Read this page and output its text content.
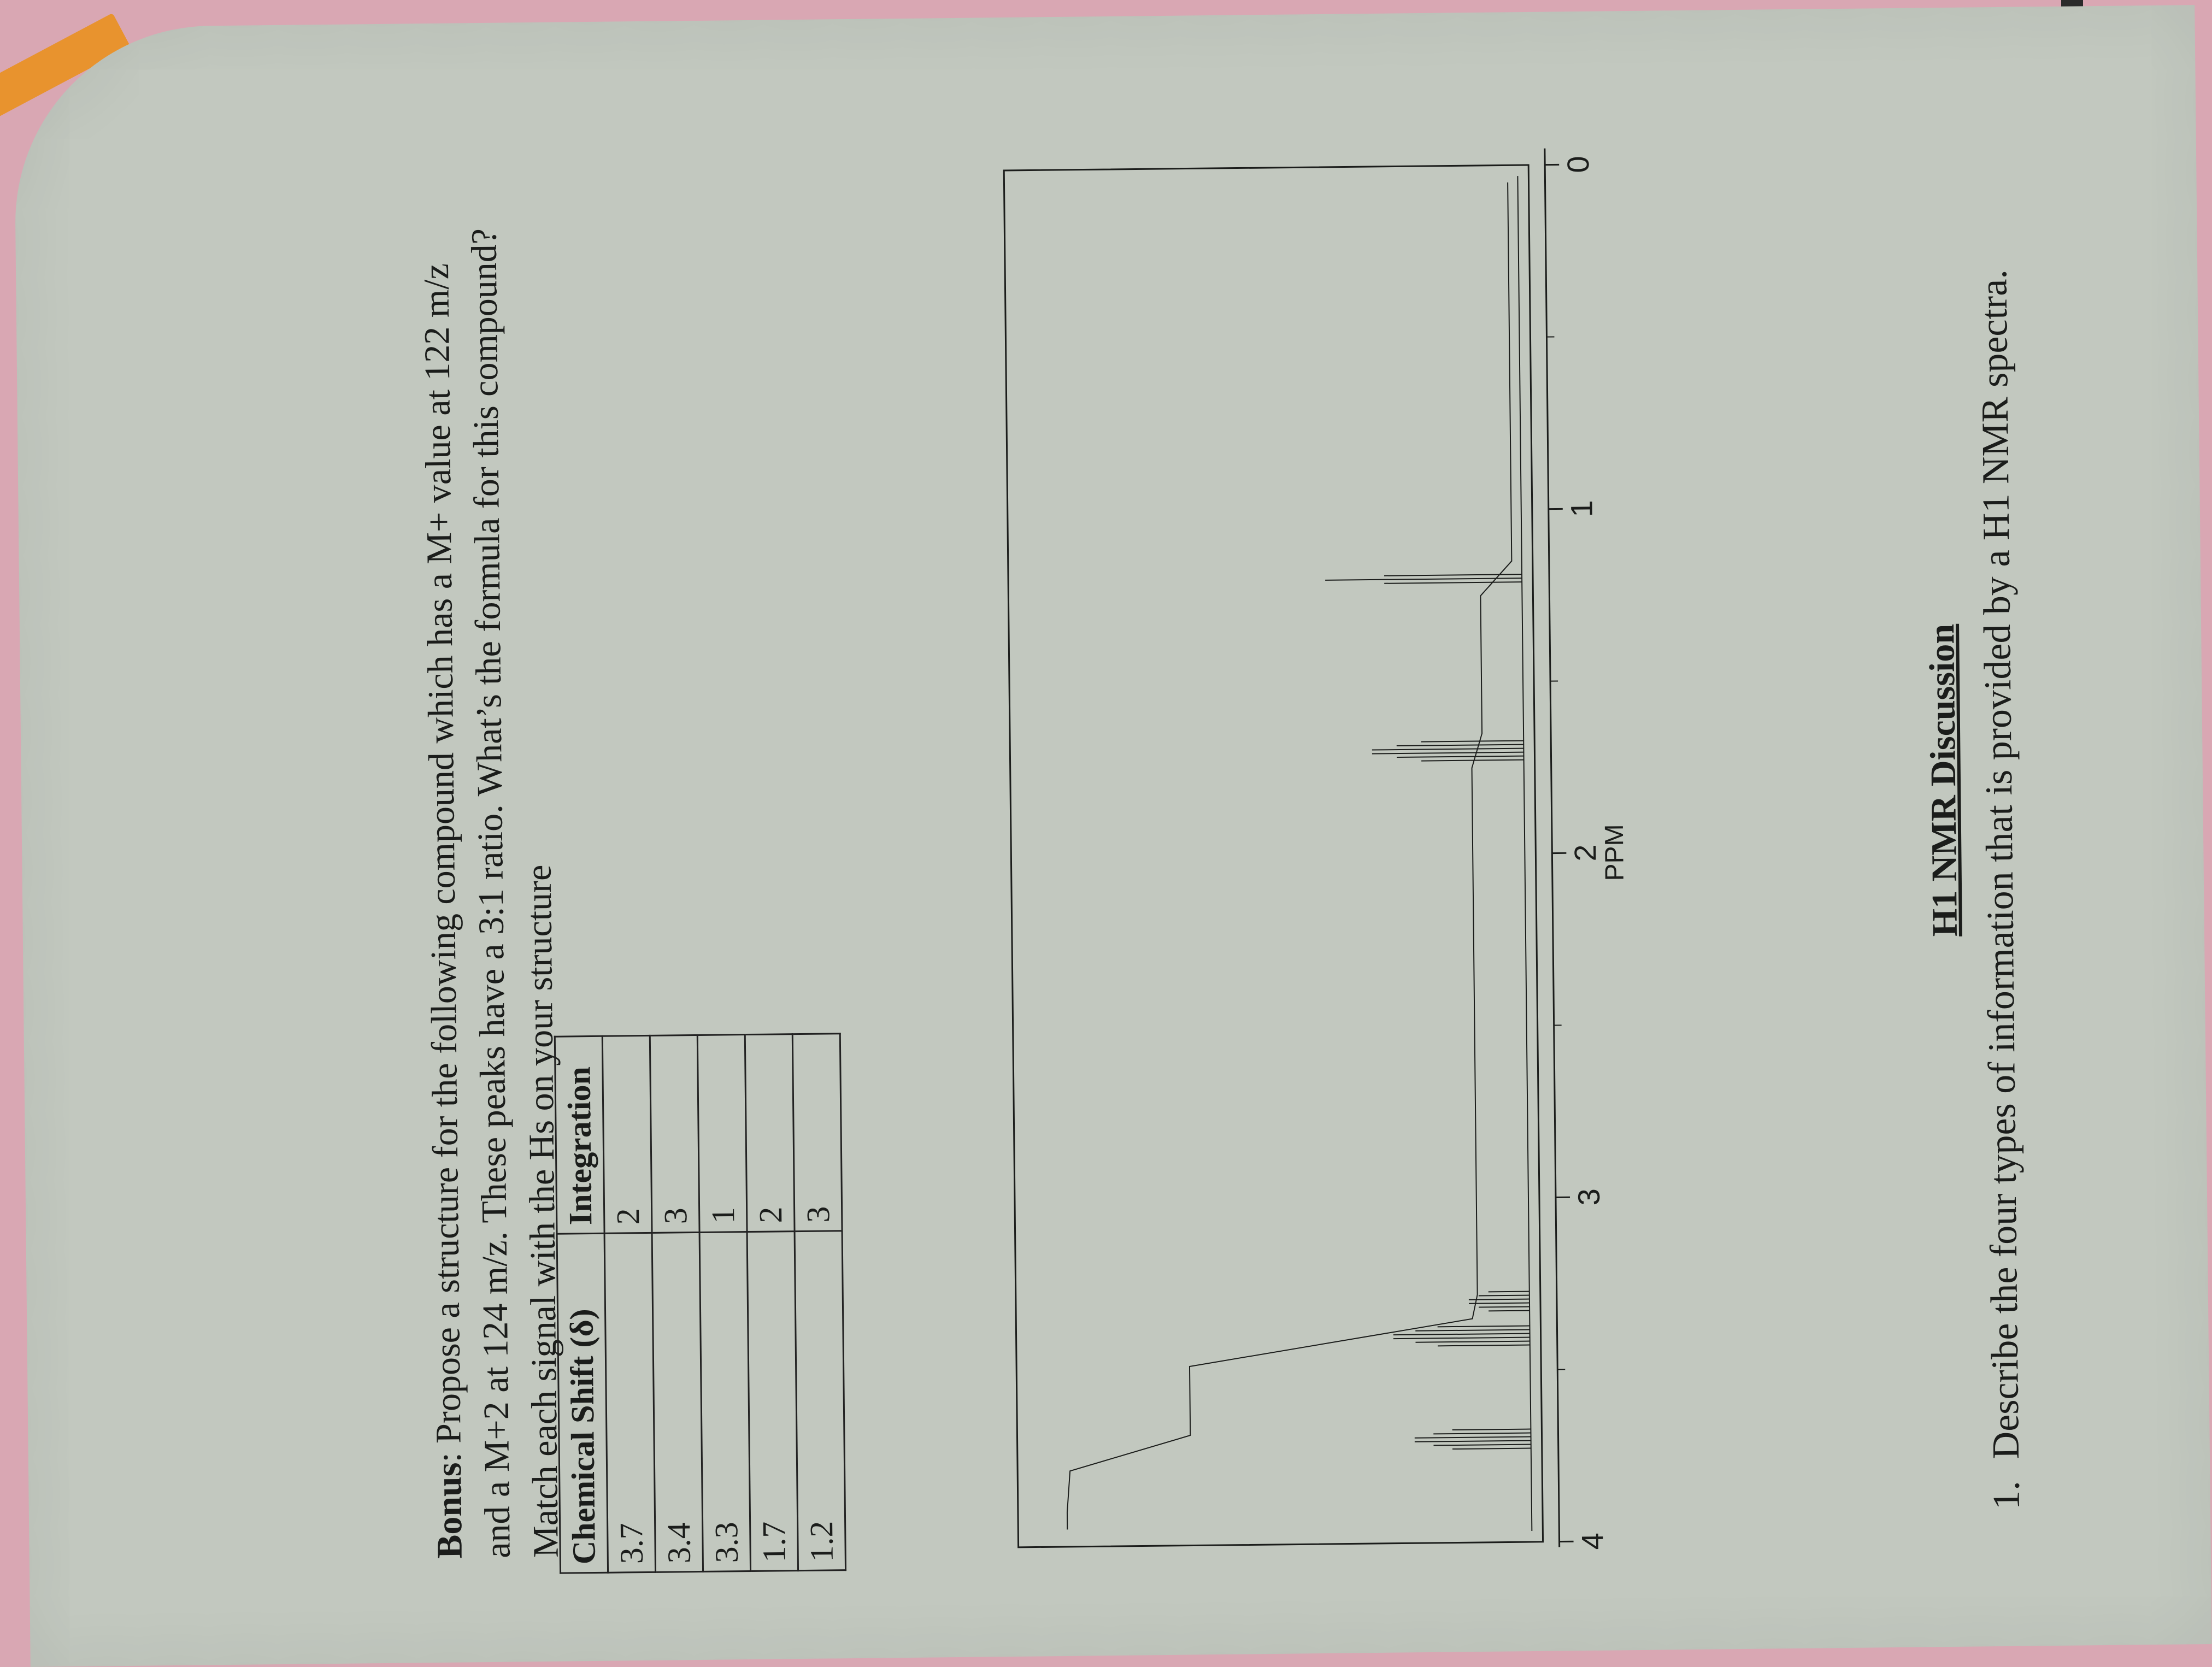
Bonus: Propose a structure for the following compound which has a M+ value at 122 m/z and a M+2 at 124 m/z. These peaks have a 3:1 ratio. What’s the formula for this compound? Match each signal with the Hs on your structure

Chemical Shift (δ)	Integration
3.7	2
3.4	3
3.3	1
1.7	2
1.2	3
4
3
2
1
0
PPM	H1 NMR Discussion
1.Describe the four types of information that is provided by a H1 NMR spectra.
